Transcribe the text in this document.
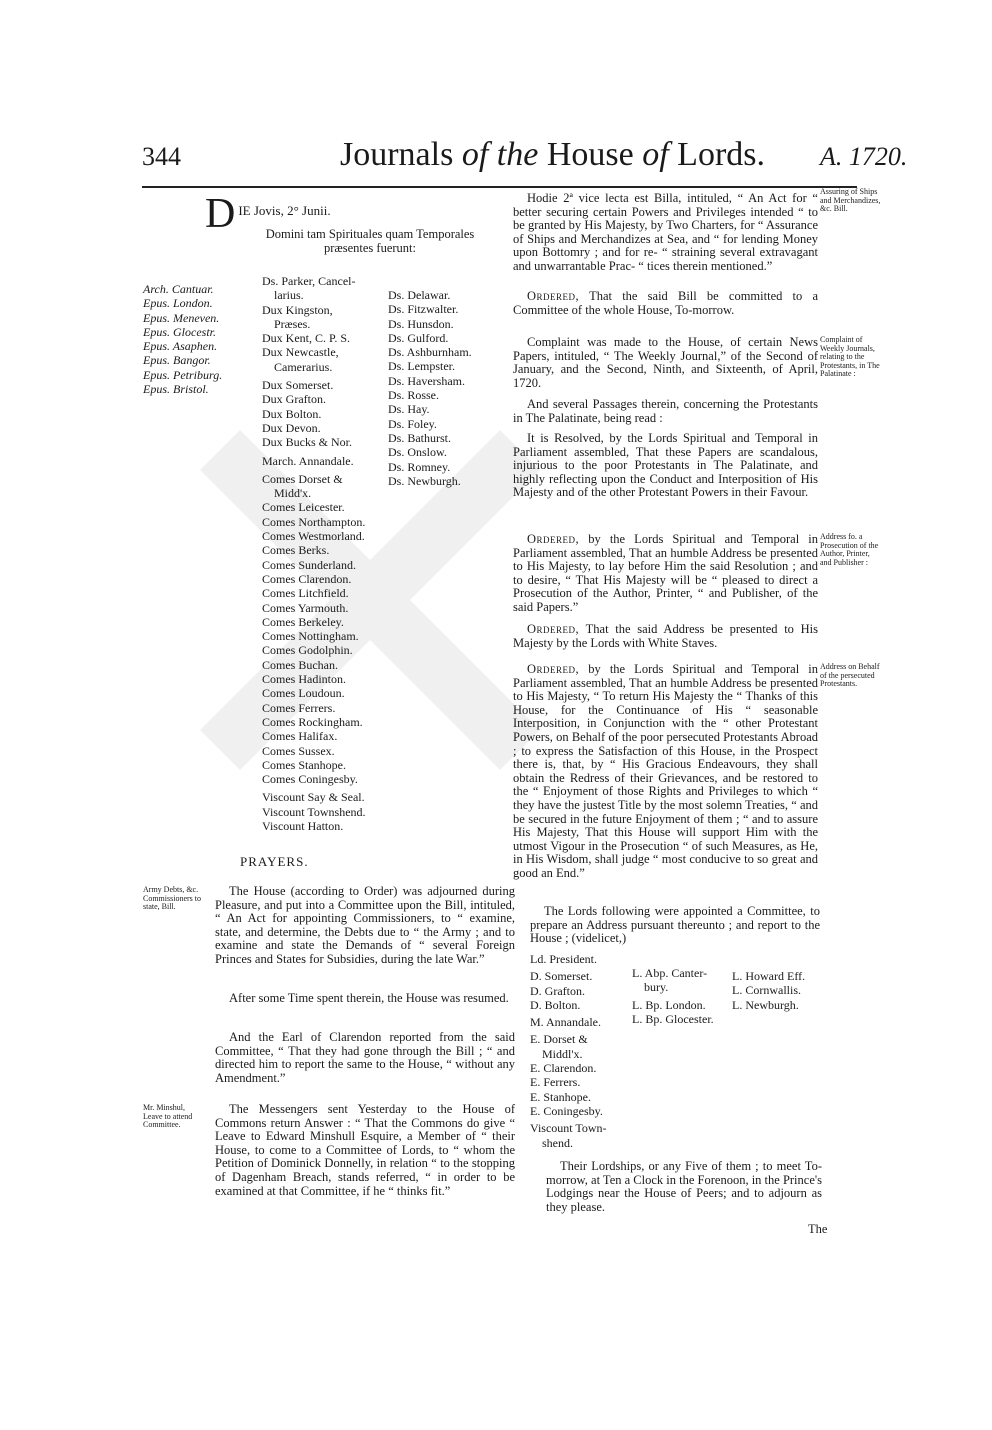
344	Journals of the House of Lords. A. 1720.
D $_{IE Jovis, 2^\circ Junii.}$
Domini tam Spirituales quam Temporales præsentes fuerunt:
Arch. Cantuar.
Epus. London.
Epus. Meneven.
Epus. Glocestr.
Epus. Asaphen.
Epus. Bangor.
Epus. Petriburg.
Epus. Bristol.
Ds. Parker, Cancel-
larius.
Dux Kingston,
Præses.
Dux Kent, C. P. S.
Dux Newcastle,
Camerarius.
Dux Somerset.
Dux Grafton.
Dux Bolton.
Dux Devon.
Dux Bucks & Nor.
March. Annandale.
Comes Dorset &
Midd'x.
Comes Leicester.
Comes Northampton.
Comes Westmorland.
Comes Berks.
Comes Sunderland.
Comes Clarendon.
Comes Litchfield.
Comes Yarmouth.
Comes Berkeley.
Comes Nottingham.
Comes Godolphin.
Comes Buchan.
Comes Hadinton.
Comes Loudoun.
Comes Ferrers.
Comes Rockingham.
Comes Halifax.
Comes Sussex.
Comes Stanhope.
Comes Coningesby.
Viscount Say & Seal.
Viscount Townshend.
Viscount Hatton.
Ds. Delawar.
Ds. Fitzwalter.
Ds. Hunsdon.
Ds. Gulford.
Ds. Ashburnham.
Ds. Lempster.
Ds. Haversham.
Ds. Rosse.
Ds. Hay.
Ds. Foley.
Ds. Bathurst.
Ds. Onslow.
Ds. Romney.
Ds. Newburgh.
PRAYERS.
Army Debts, &c. Commissioners to state, Bill.
The House (according to Order) was adjourned during Pleasure, and put into a Committee upon the Bill, intituled, “ An Act for appointing Commissioners, to “ examine, state, and determine, the Debts due to “ the Army ; and to examine and state the Demands of “ several Foreign Princes and States for Subsidies, during the late War.”
After some Time spent therein, the House was resumed.
And the Earl of Clarendon reported from the said Committee, “ That they had gone through the Bill ; “ and directed him to report the same to the House, “ without any Amendment.”
Mr. Minshul, Leave to attend Committee.
The Messengers sent Yesterday to the House of Commons return Answer : “ That the Commons do give “ Leave to Edward Minshull Esquire, a Member of “ their House, to come to a Committee of Lords, to “ whom the Petition of Dominick Donnelly, in relation “ to the stopping of Dagenham Breach, stands referred, “ in order to be examined at that Committee, if he “ thinks fit.”
Assuring of Ships and Merchandizes, &c. Bill.
Hodie 2ª vice lecta est Billa, intituled, “ An Act for “ better securing certain Powers and Privileges intended “ to be granted by His Majesty, by Two Charters, for “ Assurance of Ships and Merchandizes at Sea, and “ for lending Money upon Bottomry ; and for re- “ straining several extravagant and unwarrantable Prac- “ tices therein mentioned.”
Ordered, That the said Bill be committed to a Committee of the whole House, To-morrow.
Complaint of Weekly Journals, relating to the Protestants, in The Palatinate :
Complaint was made to the House, of certain News Papers, intituled, “ The Weekly Journal,” of the Second of January, and the Second, Ninth, and Sixteenth, of April, 1720.
And several Passages therein, concerning the Protestants in The Palatinate, being read :
It is Resolved, by the Lords Spiritual and Temporal in Parliament assembled, That these Papers are scandalous, injurious to the poor Protestants in The Palatinate, and highly reflecting upon the Conduct and Interposition of His Majesty and of the other Protestant Powers in their Favour.
Address fo. a Prosecution of the Author, Printer, and Publisher :
Ordered, by the Lords Spiritual and Temporal in Parliament assembled, That an humble Address be presented to His Majesty, to lay before Him the said Resolution ; and to desire, “ That His Majesty will be “ pleased to direct a Prosecution of the Author, Printer, “ and Publisher, of the said Papers.”
Ordered, That the said Address be presented to His Majesty by the Lords with White Staves.
Address on Behalf of the persecuted Protestants.
Ordered, by the Lords Spiritual and Temporal in Parliament assembled, That an humble Address be presented to His Majesty, “ To return His Majesty the “ Thanks of this House, for the Continuance of His “ seasonable Interposition, in Conjunction with the “ other Protestant Powers, on Behalf of the poor persecuted Protestants Abroad ; to express the Satisfaction of this House, in the Prospect there is, that, by “ His Gracious Endeavours, they shall obtain the Redress of their Grievances, and be restored to the “ Enjoyment of those Rights and Privileges to which “ they have the justest Title by the most solemn Treaties, “ and be secured in the future Enjoyment of them ; “ and to assure His Majesty, That this House will support Him with the utmost Vigour in the Prosecution “ of such Measures, as He, in His Wisdom, shall judge “ most conducive to so great and good an End.”
The Lords following were appointed a Committee, to prepare an Address pursuant thereunto ; and report to the House ; (videlicet,)
Ld. President.
D. Somerset.
D. Grafton.
D. Bolton.
M. Annandale.
E. Dorset &
Middl'x.
E. Clarendon.
E. Ferrers.
E. Stanhope.
E. Coningesby.
Viscount Town-
shend.
L. Abp. Canter-
bury.
L. Bp. London.
L. Bp. Glocester.
L. Howard Eff.
L. Cornwallis.
L. Newburgh.
Their Lordships, or any Five of them ; to meet To-morrow, at Ten a Clock in the Forenoon, in the Prince's Lodgings near the House of Peers; and to adjourn as they please.
The
